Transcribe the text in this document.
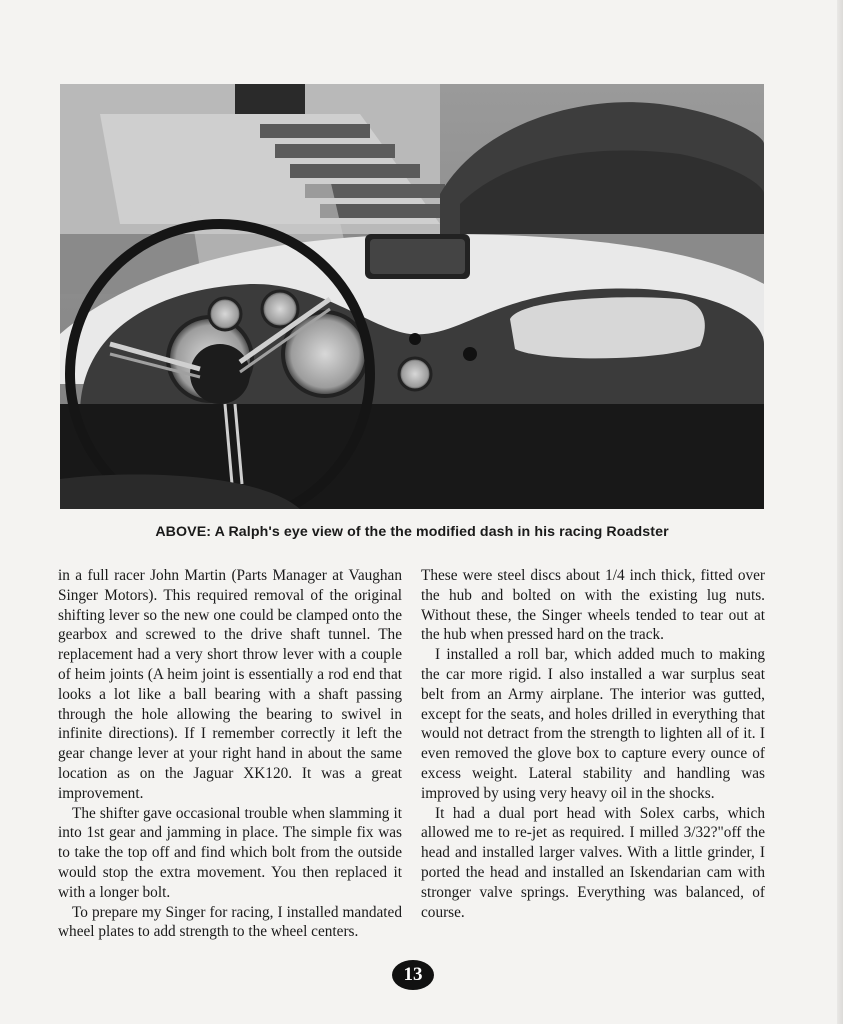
ABOVE: A Ralph's eye view of the the modified dash in his racing Roadster

in a full racer John Martin (Parts Manager at Vaughan Singer Motors). This required removal of the original shifting lever so the new one could be clamped onto the gearbox and screwed to the drive shaft tunnel. The replacement had a very short throw lever with a couple of heim joints (A heim joint is essentially a rod end that looks a lot like a ball bearing with a shaft passing through the hole allowing the bearing to swivel in infinite directions). If I remember correctly it left the gear change lever at your right hand in about the same location as on the Jaguar XK120. It was a great improvement.

The shifter gave occasional trouble when slamming it into 1st gear and jamming in place. The simple fix was to take the top off and find which bolt from the outside would stop the extra movement. You then replaced it with a longer bolt.

To prepare my Singer for racing, I installed mandated wheel plates to add strength to the wheel centers.

These were steel discs about 1/4 inch thick, fitted over the hub and bolted on with the existing lug nuts. Without these, the Singer wheels tended to tear out at the hub when pressed hard on the track.

I installed a roll bar, which added much to making the car more rigid. I also installed a war surplus seat belt from an Army airplane. The interior was gutted, except for the seats, and holes drilled in everything that would not detract from the strength to lighten all of it. I even removed the glove box to capture every ounce of excess weight. Lateral stability and handling was improved by using very heavy oil in the shocks.

It had a dual port head with Solex carbs, which allowed me to re-jet as required. I milled 3/32?"off the head and installed larger valves. With a little grinder, I ported the head and installed an Iskendarian cam with stronger valve springs. Everything was balanced, of course.

13
